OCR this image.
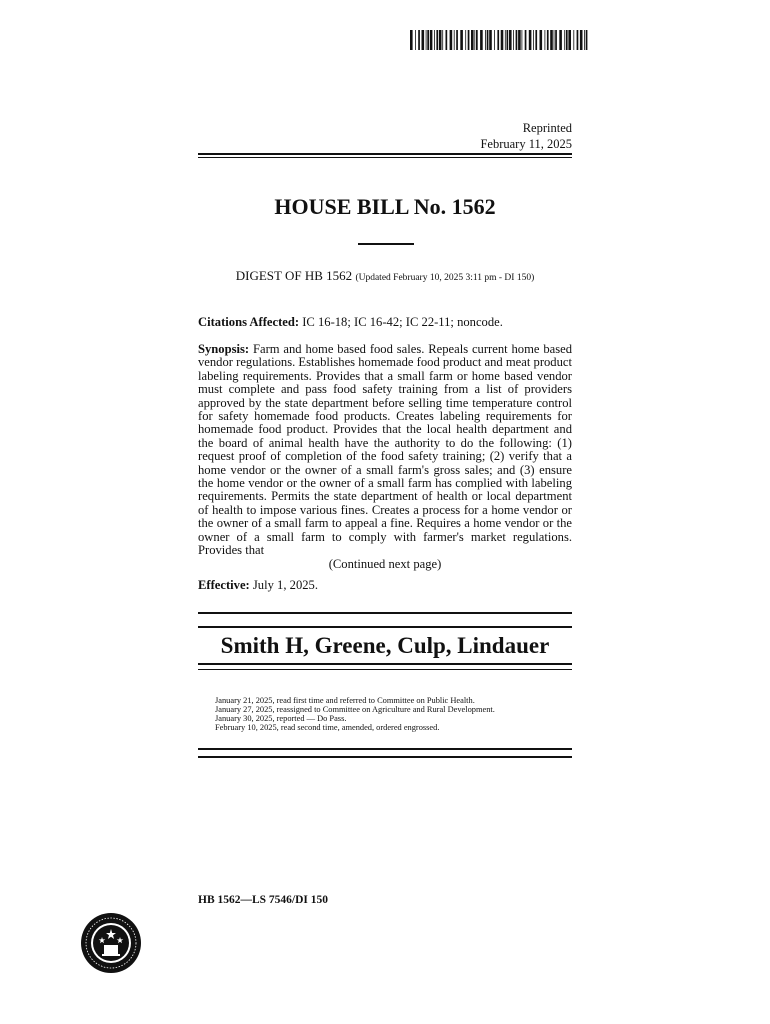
Reprinted
February 11, 2025
HOUSE BILL No. 1562
DIGEST OF HB 1562 (Updated February 10, 2025 3:11 pm - DI 150)
Citations Affected: IC 16-18; IC 16-42; IC 22-11; noncode.
Synopsis: Farm and home based food sales. Repeals current home based vendor regulations. Establishes homemade food product and meat product labeling requirements. Provides that a small farm or home based vendor must complete and pass food safety training from a list of providers approved by the state department before selling time temperature control for safety homemade food products. Creates labeling requirements for homemade food product. Provides that the local health department and the board of animal health have the authority to do the following: (1) request proof of completion of the food safety training; (2) verify that a home vendor or the owner of a small farm's gross sales; and (3) ensure the home vendor or the owner of a small farm has complied with labeling requirements. Permits the state department of health or local department of health to impose various fines. Creates a process for a home vendor or the owner of a small farm to appeal a fine. Requires a home vendor or the owner of a small farm to comply with farmer's market regulations. Provides that
(Continued next page)
Effective: July 1, 2025.
Smith H, Greene, Culp, Lindauer
January 21, 2025, read first time and referred to Committee on Public Health.
January 27, 2025, reassigned to Committee on Agriculture and Rural Development.
January 30, 2025, reported — Do Pass.
February 10, 2025, read second time, amended, ordered engrossed.
HB 1562—LS 7546/DI 150
